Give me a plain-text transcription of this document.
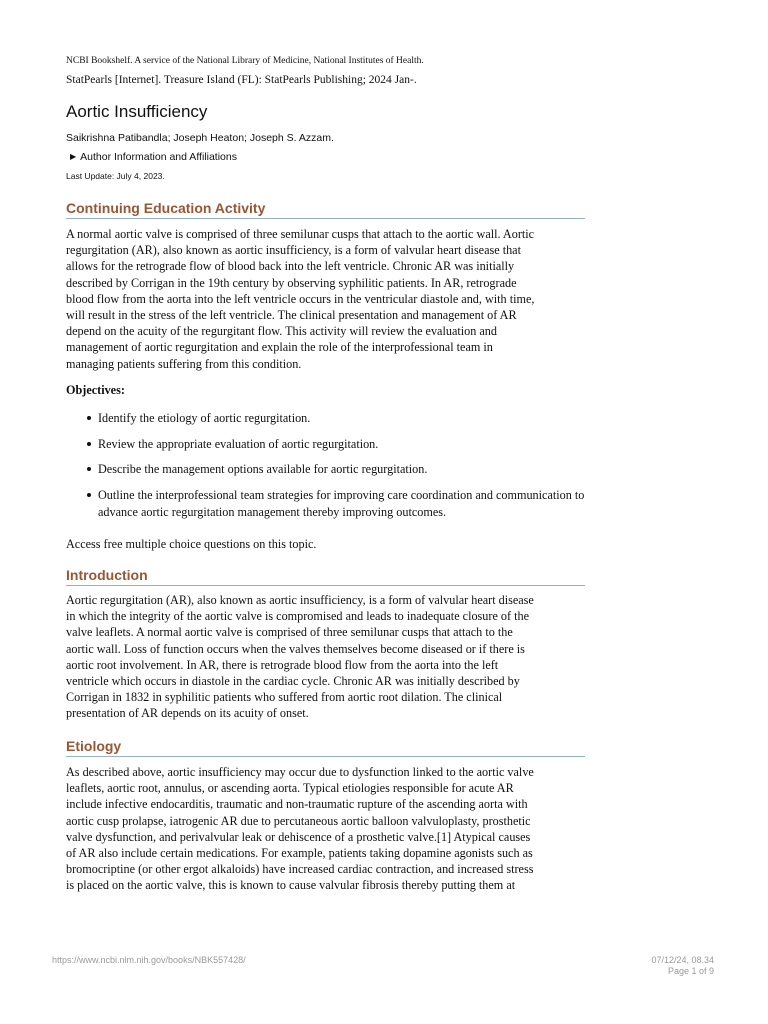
NCBI Bookshelf. A service of the National Library of Medicine, National Institutes of Health.
StatPearls [Internet]. Treasure Island (FL): StatPearls Publishing; 2024 Jan-.
Aortic Insufficiency
Saikrishna Patibandla; Joseph Heaton; Joseph S. Azzam.
▶ Author Information and Affiliations
Last Update: July 4, 2023.
Continuing Education Activity
A normal aortic valve is comprised of three semilunar cusps that attach to the aortic wall. Aortic
regurgitation (AR), also known as aortic insufficiency, is a form of valvular heart disease that
allows for the retrograde flow of blood back into the left ventricle. Chronic AR was initially
described by Corrigan in the 19th century by observing syphilitic patients. In AR, retrograde
blood flow from the aorta into the left ventricle occurs in the ventricular diastole and, with time,
will result in the stress of the left ventricle. The clinical presentation and management of AR
depend on the acuity of the regurgitant flow. This activity will review the evaluation and
management of aortic regurgitation and explain the role of the interprofessional team in
managing patients suffering from this condition.
Objectives:
Identify the etiology of aortic regurgitation.
Review the appropriate evaluation of aortic regurgitation.
Describe the management options available for aortic regurgitation.
Outline the interprofessional team strategies for improving care coordination and communication to advance aortic regurgitation management thereby improving outcomes.
Access free multiple choice questions on this topic.
Introduction
Aortic regurgitation (AR), also known as aortic insufficiency, is a form of valvular heart disease
in which the integrity of the aortic valve is compromised and leads to inadequate closure of the
valve leaflets. A normal aortic valve is comprised of three semilunar cusps that attach to the
aortic wall. Loss of function occurs when the valves themselves become diseased or if there is
aortic root involvement. In AR, there is retrograde blood flow from the aorta into the left
ventricle which occurs in diastole in the cardiac cycle. Chronic AR was initially described by
Corrigan in 1832 in syphilitic patients who suffered from aortic root dilation. The clinical
presentation of AR depends on its acuity of onset.
Etiology
As described above, aortic insufficiency may occur due to dysfunction linked to the aortic valve
leaflets, aortic root, annulus, or ascending aorta. Typical etiologies responsible for acute AR
include infective endocarditis, traumatic and non-traumatic rupture of the ascending aorta with
aortic cusp prolapse, iatrogenic AR due to percutaneous aortic balloon valvuloplasty, prosthetic
valve dysfunction, and perivalvular leak or dehiscence of a prosthetic valve.[1] Atypical causes
of AR also include certain medications. For example, patients taking dopamine agonists such as
bromocriptine (or other ergot alkaloids) have increased cardiac contraction, and increased stress
is placed on the aortic valve, this is known to cause valvular fibrosis thereby putting them at
https://www.ncbi.nlm.nih.gov/books/NBK557428/	07/12/24, 08.34
Page 1 of 9
